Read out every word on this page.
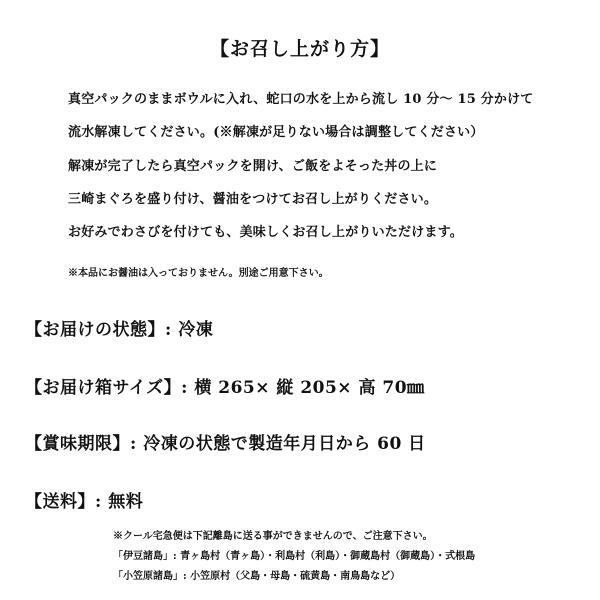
【お召し上がり方】
真空パックのままボウルに入れ、蛇口の水を上から流し 10 分～ 15 分かけて
流水解凍してください。(※解凍が足りない場合は調整してください）
解凍が完了したら真空パックを開け、ご飯をよそった丼の上に
三崎まぐろを盛り付け、醤油をつけてお召し上がりください。
お好みでわさびを付けても、美味しくお召し上がりいただけます。
※本品にお醤油は入っておりません。別途ご用意下さい。
【お届けの状態】: 冷凍
【お届け箱サイズ】: 横 265× 縦 205× 高 70㎜
【賞味期限】: 冷凍の状態で製造年月日から 60 日
【送料】: 無料
※クール宅急便は下記離島に送る事ができませんので、ご注意下さい。
「伊豆諸島」: 青ヶ島村（青ヶ島）・利島村（利島）・御蔵島村（御蔵島）・式根島
「小笠原諸島」: 小笠原村（父島・母島・硫黄島・南鳥島など）
